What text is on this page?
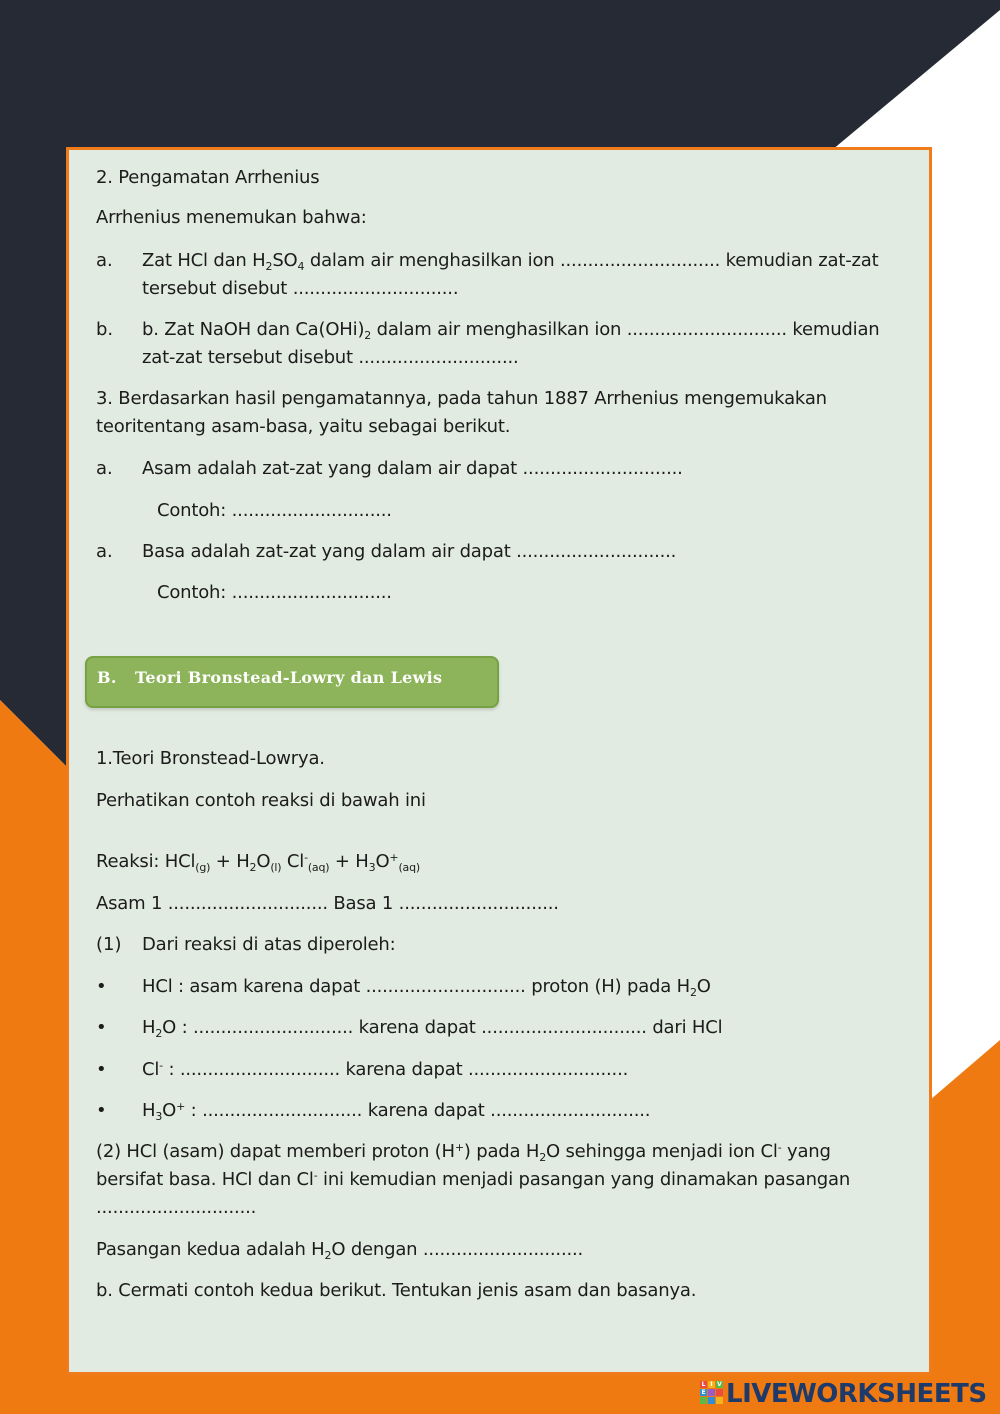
2. Pengamatan Arrhenius
Arrhenius menemukan bahwa:
a. Zat HCl dan $H_2SO_4$ dalam air menghasilkan ion ............................. kemudian zat-zat
tersebut disebut ..............................
b. b. Zat NaOH dan $Ca(OHi)_2$ dalam air menghasilkan ion ............................. kemudian
zat-zat tersebut disebut .............................
3. Berdasarkan hasil pengamatannya, pada tahun 1887 Arrhenius mengemukakan
teoritentang asam-basa, yaitu sebagai berikut.
a. Asam adalah zat-zat yang dalam air dapat .............................
Contoh: .............................
a. Basa adalah zat-zat yang dalam air dapat .............................
Contoh: .............................
B. Teori Bronstead-Lowry dan Lewis
1.Teori Bronstead-Lowrya.
Perhatikan contoh reaksi di bawah ini
Reaksi: $HCl_{(g)} + H_2O_{(l)}$ $Cl^-_{(aq)} + H_3O^+_{(aq)}$
Asam 1 ............................. Basa 1 .............................
(1) Dari reaksi di atas diperoleh:
• HCl : asam karena dapat ............................. proton (H) pada $H_2O$
• $H_2O$ : ............................. karena dapat .............................. dari HCl
• Cl- : ............................. karena dapat .............................
• $H_3O^+$ : ............................. karena dapat .............................
(2) HCl (asam) dapat memberi proton (H+) pada $H_2O$ sehingga menjadi ion Cl- yang
bersifat basa. HCl dan Cl- ini kemudian menjadi pasangan yang dinamakan pasangan
.............................
Pasangan kedua adalah $H_2O$ dengan .............................
b. Cermati contoh kedua berikut. Tentukan jenis asam dan basanya.
L I V
E LIVEWORKSHEETS
